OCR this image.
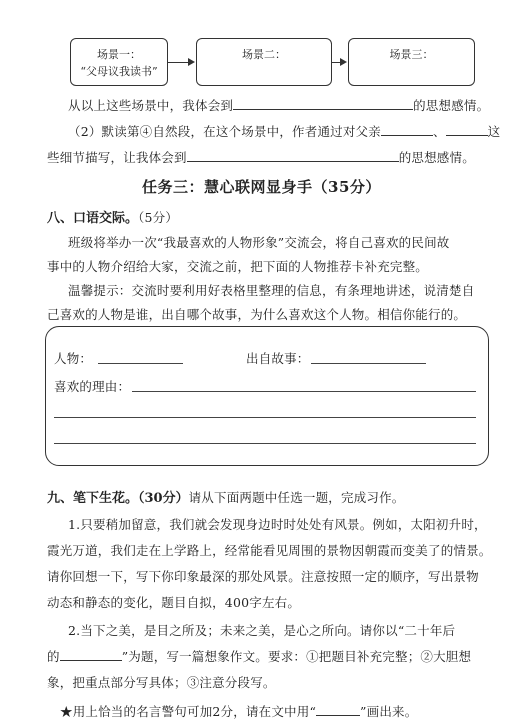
场景一：
“父母议我读书”
场景二：	场景三：
从以上这些场景中，我体会到	的思想感情。
（2）默读第④自然段，在这个场景中，作者通过对父亲	、	这
些细节描写，让我体会到	的思想感情。
任务三：慧心联网显身手（35分）
八、口语交际。（5分）
班级将举办一次“我最喜欢的人物形象”交流会，将自己喜欢的民间故
事中的人物介绍给大家，交流之前，把下面的人物推荐卡补充完整。
温馨提示：交流时要利用好表格里整理的信息，有条理地讲述，说清楚自
己喜欢的人物是谁，出自哪个故事，为什么喜欢这个人物。相信你能行的。
人物：	出自故事：
喜欢的理由：
九、笔下生花。（30分）请从下面两题中任选一题，完成习作。
1.只要稍加留意，我们就会发现身边时时处处有风景。例如，太阳初升时，
霞光万道，我们走在上学路上，经常能看见周围的景物因朝霞而变美了的情景。
请你回想一下，写下你印象最深的那处风景。注意按照一定的顺序，写出景物
动态和静态的变化，题目自拟，400字左右。
2.当下之美，是目之所及；未来之美，是心之所向。请你以“二十年后
的	”为题，写一篇想象作文。要求：①把题目补充完整；②大胆想
象，把重点部分写具体；③注意分段写。
★用上恰当的名言警句可加2分，请在文中用“	”画出来。
